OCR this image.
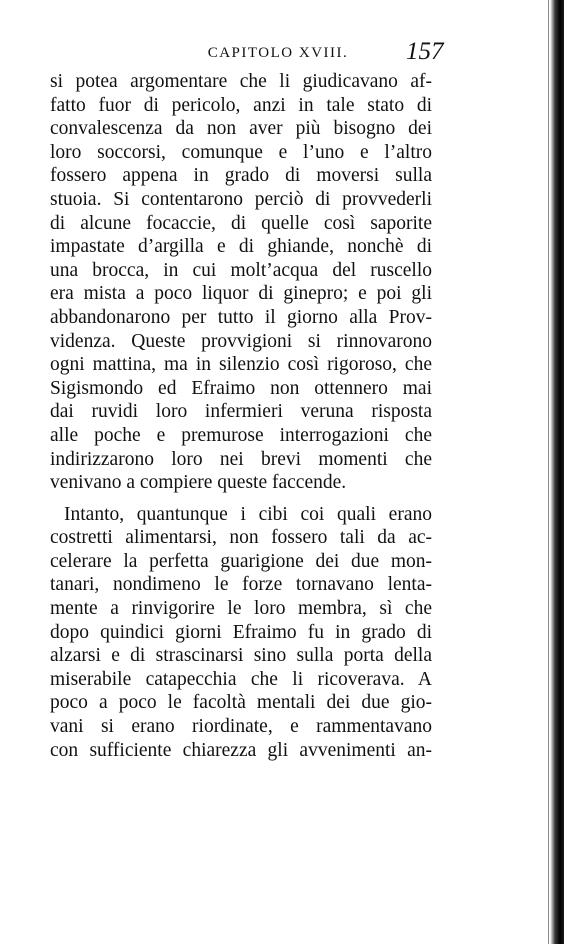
CAPITOLO XVIII.	157
si potea argomentare che li giudicavano af-
fatto fuor di pericolo, anzi in tale stato di
convalescenza da non aver più bisogno dei
loro soccorsi, comunque e l’uno e l’altro
fossero appena in grado di moversi sulla
stuoia. Si contentarono perciò di provvederli
di alcune focaccie, di quelle così saporite
impastate d’argilla e di ghiande, nonchè di
una brocca, in cui molt’acqua del ruscello
era mista a poco liquor di ginepro; e poi gli
abbandonarono per tutto il giorno alla Prov-
videnza. Queste provvigioni si rinnovarono
ogni mattina, ma in silenzio così rigoroso, che
Sigismondo ed Efraimo non ottennero mai
dai ruvidi loro infermieri veruna risposta
alle poche e premurose interrogazioni che
indirizzarono loro nei brevi momenti che
venivano a compiere queste faccende.
Intanto, quantunque i cibi coi quali erano
costretti alimentarsi, non fossero tali da ac-
celerare la perfetta guarigione dei due mon-
tanari, nondimeno le forze tornavano lenta-
mente a rinvigorire le loro membra, sì che
dopo quindici giorni Efraimo fu in grado di
alzarsi e di strascinarsi sino sulla porta della
miserabile catapecchia che li ricoverava. A
poco a poco le facoltà mentali dei due gio-
vani si erano riordinate, e rammentavano
con sufficiente chiarezza gli avvenimenti an-
